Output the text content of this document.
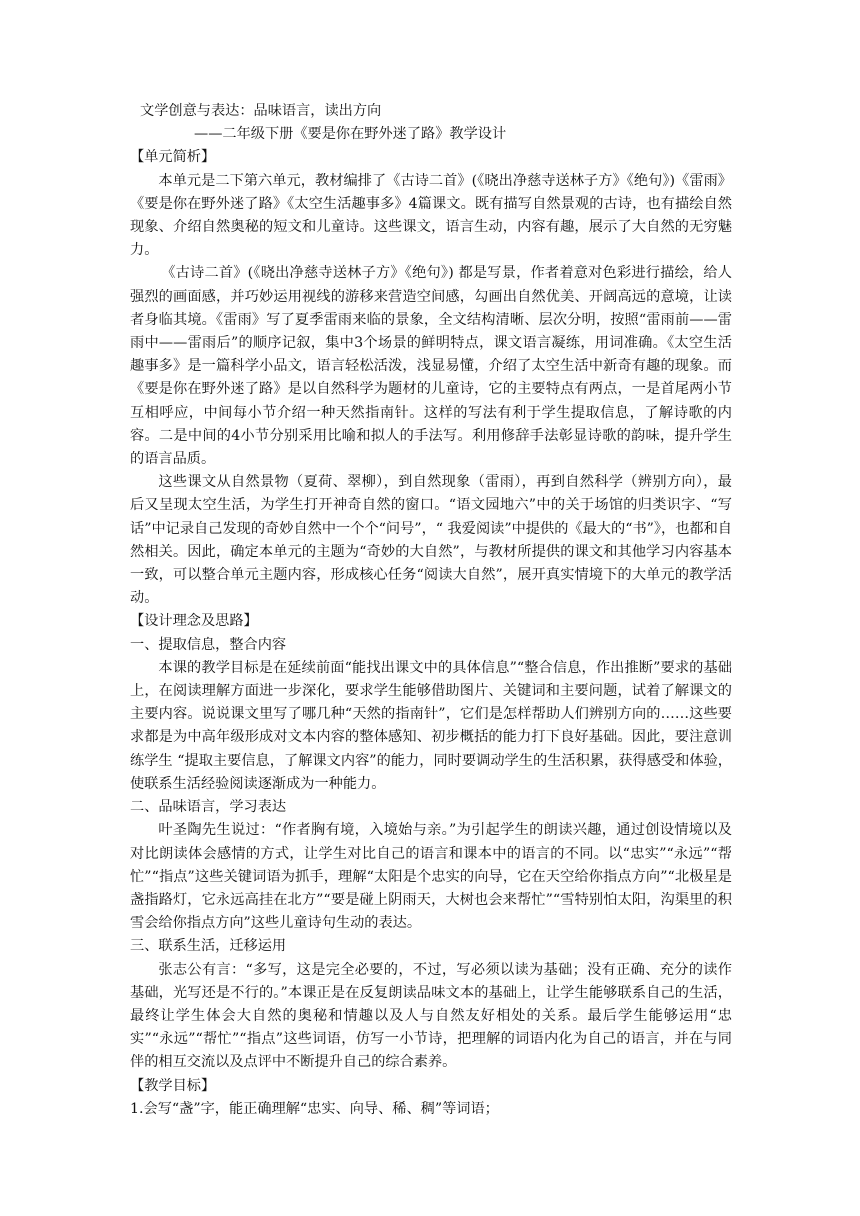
文学创意与表达：品味语言，读出方向

——二年级下册《要是你在野外迷了路》教学设计

【单元简析】

本单元是二下第六单元，教材编排了《古诗二首》(《晓出净慈寺送林子方》《绝句》)《雷雨》《要是你在野外迷了路》《太空生活趣事多》4篇课文。既有描写自然景观的古诗，也有描绘自然现象、介绍自然奥秘的短文和儿童诗。这些课文，语言生动，内容有趣，展示了大自然的无穷魅力。

《古诗二首》(《晓出净慈寺送林子方》《绝句》) 都是写景，作者着意对色彩进行描绘，给人强烈的画面感，并巧妙运用视线的游移来营造空间感，勾画出自然优美、开阔高远的意境，让读者身临其境。《雷雨》写了夏季雷雨来临的景象，全文结构清晰、层次分明，按照“雷雨前——雷雨中——雷雨后”的顺序记叙，集中3个场景的鲜明特点，课文语言凝练，用词准确。《太空生活趣事多》是一篇科学小品文，语言轻松活泼，浅显易懂，介绍了太空生活中新奇有趣的现象。而《要是你在野外迷了路》是以自然科学为题材的儿童诗，它的主要特点有两点，一是首尾两小节互相呼应，中间每小节介绍一种天然指南针。这样的写法有利于学生提取信息，了解诗歌的内容。二是中间的4小节分别采用比喻和拟人的手法写。利用修辞手法彰显诗歌的韵味，提升学生的语言品质。

这些课文从自然景物（夏荷、翠柳），到自然现象（雷雨），再到自然科学（辨别方向），最后又呈现太空生活，为学生打开神奇自然的窗口。“语文园地六”中的关于场馆的归类识字、“写话”中记录自己发现的奇妙自然中一个个“问号”，“ 我爱阅读”中提供的《最大的“书”》，也都和自然相关。因此，确定本单元的主题为“奇妙的大自然”，与教材所提供的课文和其他学习内容基本一致，可以整合单元主题内容，形成核心任务“阅读大自然”，展开真实情境下的大单元的教学活动。

【设计理念及思路】

一、提取信息，整合内容

本课的教学目标是在延续前面“能找出课文中的具体信息”“整合信息，作出推断”要求的基础上，在阅读理解方面进一步深化，要求学生能够借助图片、关键词和主要问题，试着了解课文的主要内容。说说课文里写了哪几种“天然的指南针”，它们是怎样帮助人们辨别方向的……这些要求都是为中高年级形成对文本内容的整体感知、初步概括的能力打下良好基础。因此，要注意训练学生 “提取主要信息，了解课文内容”的能力，同时要调动学生的生活积累，获得感受和体验，使联系生活经验阅读逐渐成为一种能力。

二、品味语言，学习表达

叶圣陶先生说过：“作者胸有境，入境始与亲。”为引起学生的朗读兴趣，通过创设情境以及对比朗读体会感情的方式，让学生对比自己的语言和课本中的语言的不同。以“忠实”“永远”“帮忙”“指点”这些关键词语为抓手，理解“太阳是个忠实的向导，它在天空给你指点方向”“北极星是盏指路灯，它永远高挂在北方”“要是碰上阴雨天，大树也会来帮忙”“雪特别怕太阳，沟渠里的积雪会给你指点方向”这些儿童诗句生动的表达。

三、联系生活，迁移运用

张志公有言：“多写，这是完全必要的，不过，写必须以读为基础；没有正确、充分的读作基础，光写还是不行的。”本课正是在反复朗读品味文本的基础上，让学生能够联系自己的生活，最终让学生体会大自然的奥秘和情趣以及人与自然友好相处的关系。最后学生能够运用“忠实”“永远”“帮忙”“指点”这些词语，仿写一小节诗，把理解的词语内化为自己的语言，并在与同伴的相互交流以及点评中不断提升自己的综合素养。

【教学目标】

1.会写“盏”字，能正确理解“忠实、向导、稀、稠”等词语；
